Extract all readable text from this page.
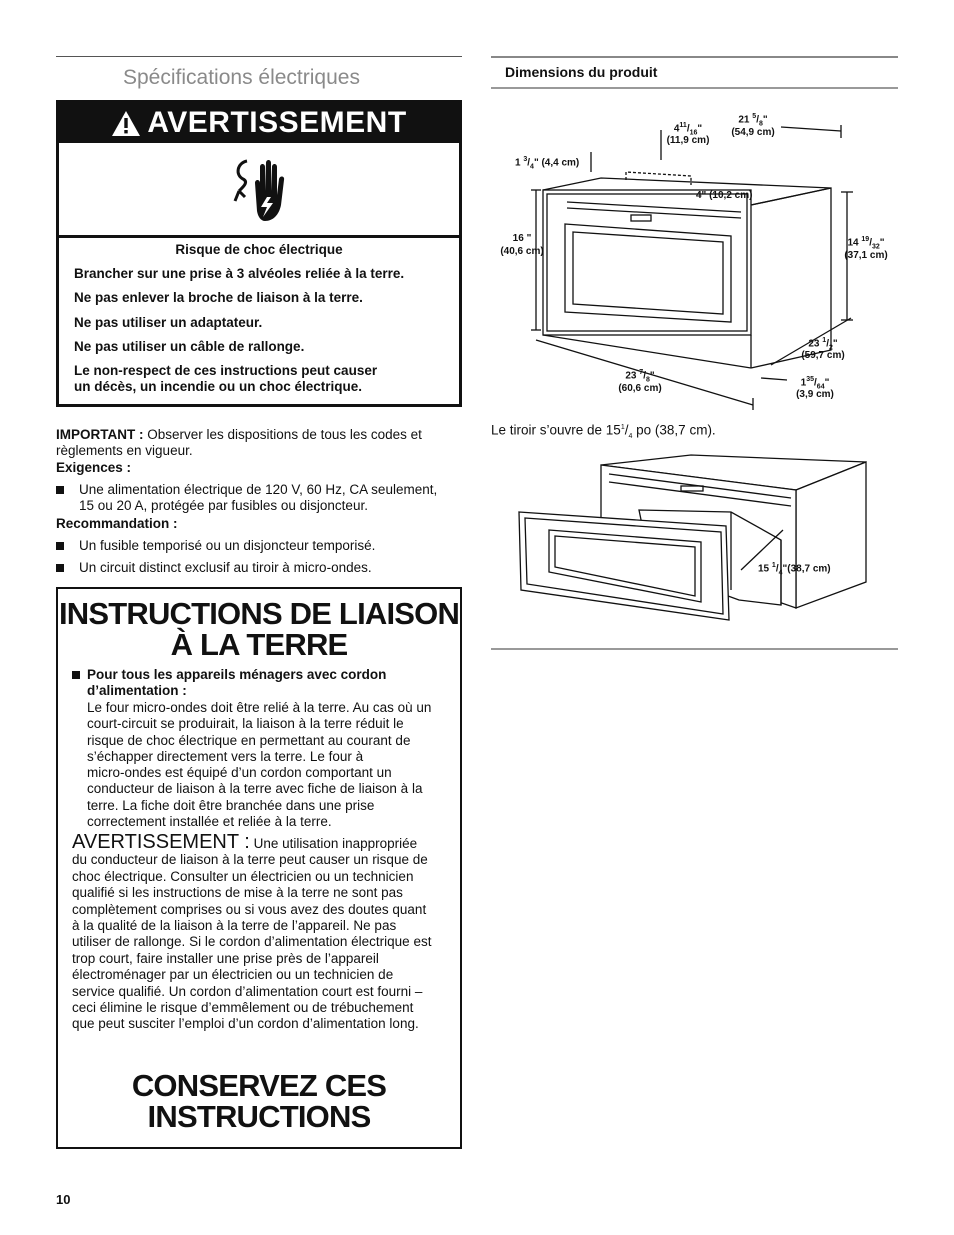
Spécifications électriques
AVERTISSEMENT
Risque de choc électrique
Brancher sur une prise à 3 alvéoles reliée à la terre.
Ne pas enlever la broche de liaison à la terre.
Ne pas utiliser un adaptateur.
Ne pas utiliser un câble de rallonge.
Le non-respect de ces instructions peut causer
un décès, un incendie ou un choc électrique.
IMPORTANT : Observer les dispositions de tous les codes et
règlements en vigueur.
Exigences :
Une alimentation électrique de 120 V, 60 Hz, CA seulement,
15 ou 20 A, protégée par fusibles ou disjoncteur.
Recommandation :
Un fusible temporisé ou un disjoncteur temporisé.
Un circuit distinct exclusif au tiroir à micro-ondes.
INSTRUCTIONS DE LIAISON
À LA TERRE
Pour tous les appareils ménagers avec cordon
d’alimentation :
Le four micro-ondes doit être relié à la terre. Au cas où un
court-circuit se produirait, la liaison à la terre réduit le
risque de choc électrique en permettant au courant de
s’échapper directement vers la terre. Le four à
micro-ondes est équipé d’un cordon comportant un
conducteur de liaison à la terre avec fiche de liaison à la
terre. La fiche doit être branchée dans une prise
correctement installée et reliée à la terre.
AVERTISSEMENT : Une utilisation inappropriée
du conducteur de liaison à la terre peut causer un risque de
choc électrique. Consulter un électricien ou un technicien
qualifié si les instructions de mise à la terre ne sont pas
complètement comprises ou si vous avez des doutes quant
à la qualité de la liaison à la terre de l’appareil. Ne pas
utiliser de rallonge. Si le cordon d’alimentation électrique est
trop court, faire installer une prise près de l’appareil
électroménager par un électricien ou un technicien de
service qualifié. Un cordon d’alimentation court est fourni –
ceci élimine le risque d’emmêlement ou de trébuchement
que peut susciter l’emploi d’un cordon d’alimentation long.
CONSERVEZ CES
INSTRUCTIONS
10
Dimensions du produit
21 $^5/_8$"
(54,9 cm)
$4^{11}/_{16}$"
(11,9 cm)
1 $^3/_4$" (4,4 cm)
4" (10,2 cm)
16 "
(40,6 cm)
14 $^{19}/_{32}$"
(37,1 cm)
23 $^1/_2$"
(59,7 cm)
23 $^7/_8$"
(60,6 cm)
$1^{35}/_{64}$"
(3,9 cm)
Le tiroir s’ouvre de $15^1/_4$ po (38,7 cm).
15 $^1/_4"(38,7$ cm)
